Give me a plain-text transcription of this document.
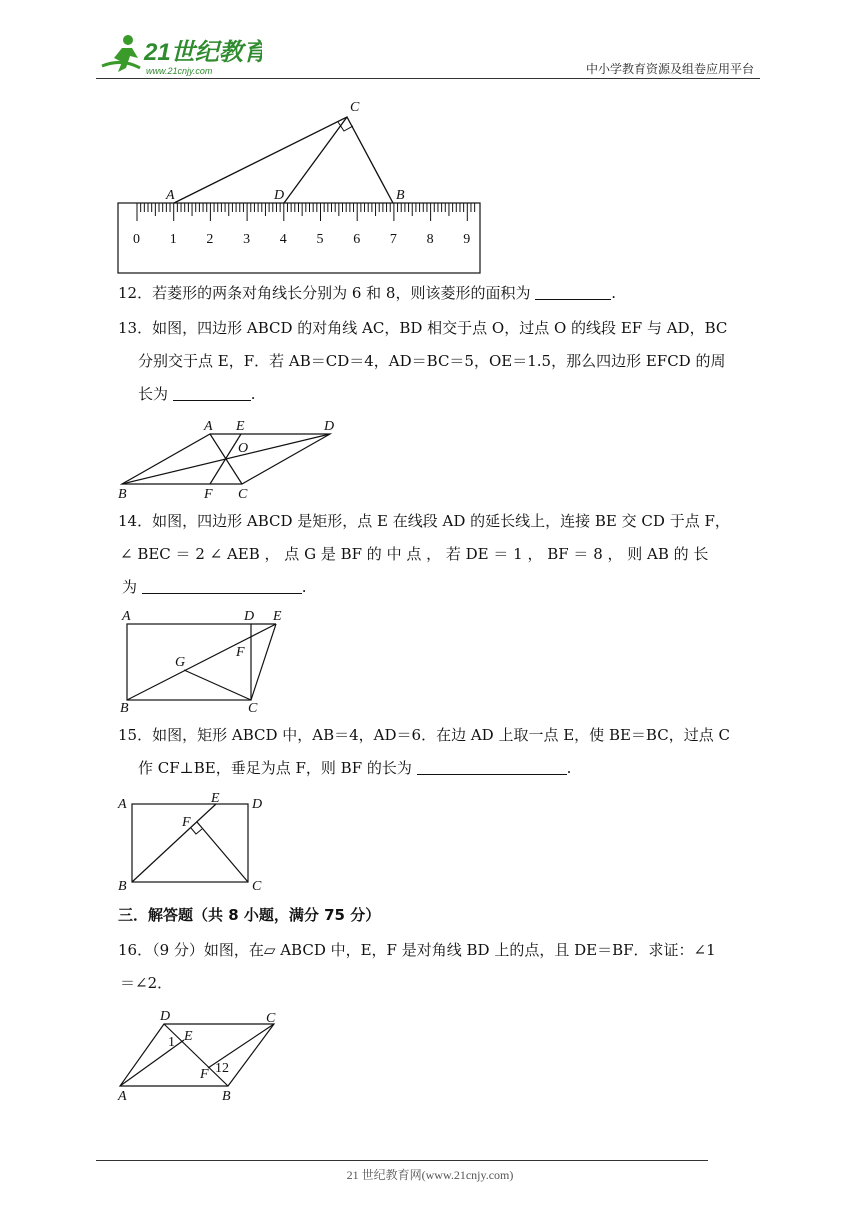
21世纪教育
www.21cnjy.com	中小学教育资源及组卷应用平台
A
C
D	B
0 1 2 3 4 5 6 7 8 9
12．若菱形的两条对角线长分别为 6 和 8，则该菱形的面积为	.
13．如图，四边形 ABCD 的对角线 AC，BD 相交于点 O，过点 O 的线段 EF 与 AD，BC
分别交于点 E，F．若 AB＝CD＝4，AD＝BC＝5，OE＝1.5，那么四边形 EFCD 的周
长为	.
A E	D
O
B	F C
14．如图，四边形 ABCD 是矩形，点 E 在线段 AD 的延长线上，连接 BE 交 CD 于点 F，
∠ BEC ＝ 2 ∠ AEB ， 点 G 是 BF 的 中 点 ， 若 DE ＝ 1 ， BF ＝ 8 ， 则 AB 的 长
为	.
A	D E
G
F
B	C
15．如图，矩形 ABCD 中，AB＝4，AD＝6．在边 AD 上取一点 E，使 BE＝BC，过点 C
作 CF⊥BE，垂足为点 F，则 BF 的长为	.
A	E D
F
B	C
三．解答题（共 8 小题，满分 75 分）
16．（9 分）如图，在▱ ABCD 中，E，F 是对角线 BD 上的点，且 DE＝BF．求证：∠1
＝∠2．
D	C
E
1
F 12
A	B
21 世纪教育网(www.21cnjy.com)
